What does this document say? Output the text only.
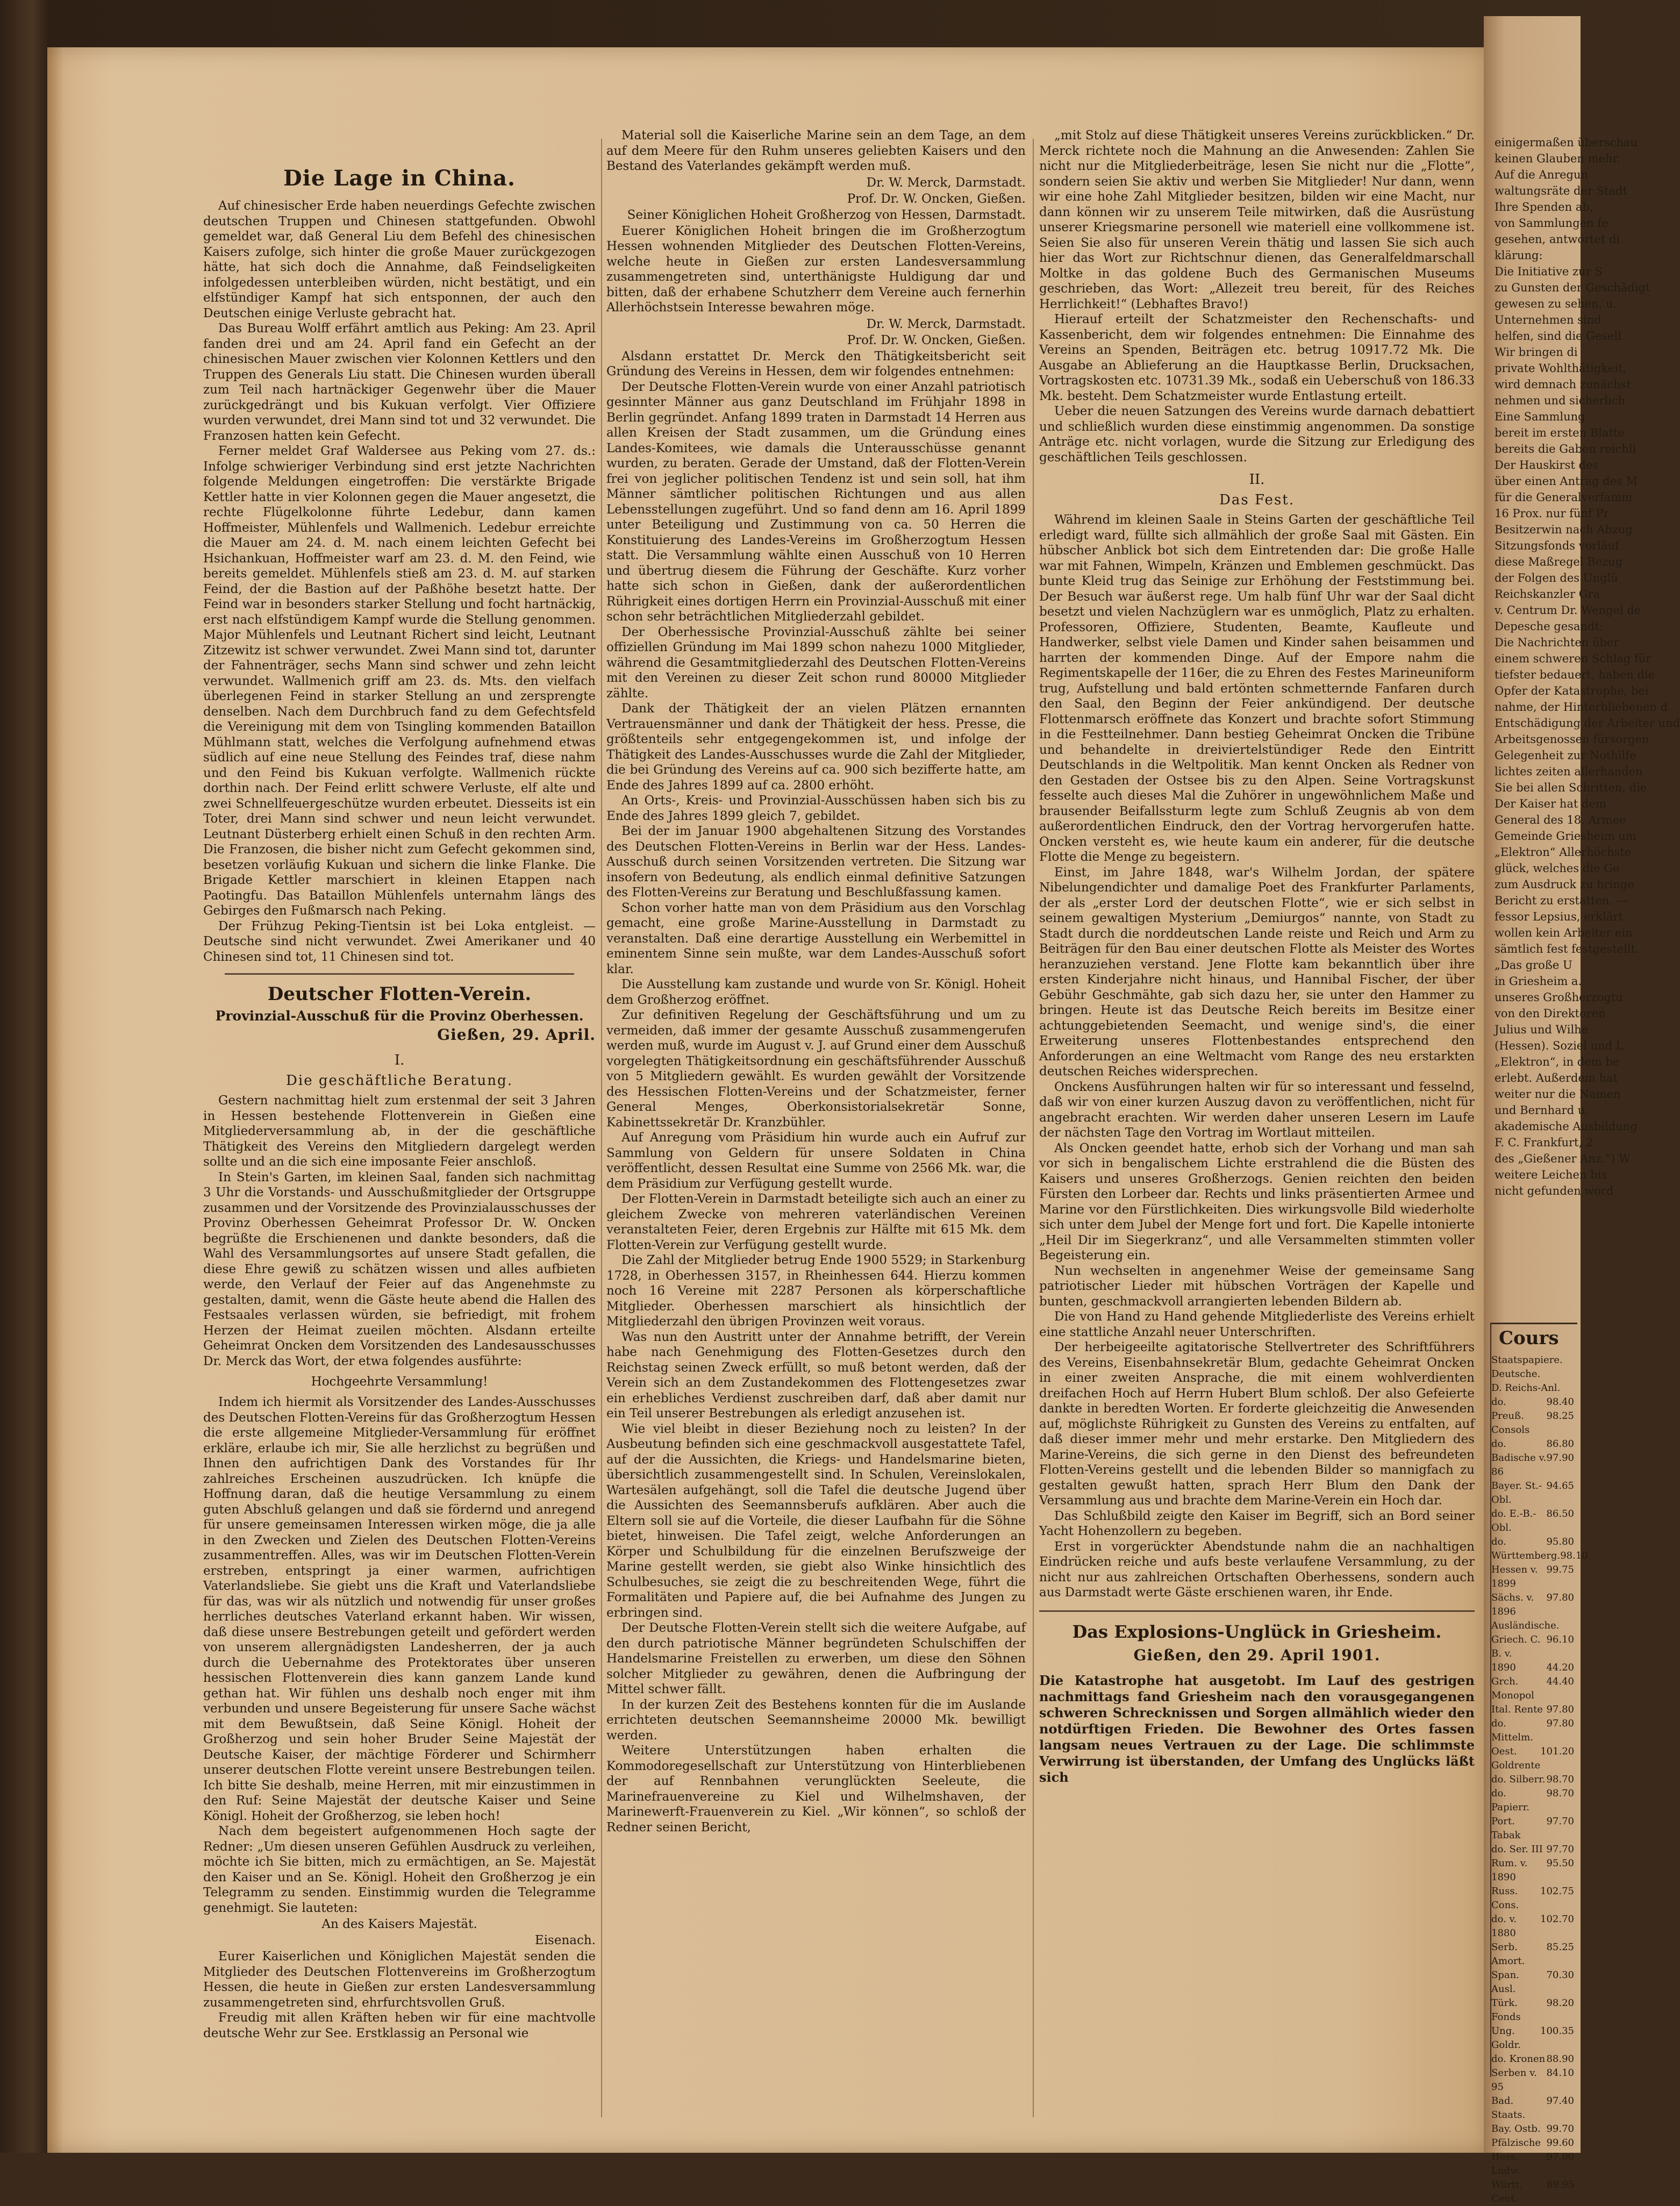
Die Lage in China.

Auf chinesischer Erde haben neuerdings Gefechte zwischen deutschen Truppen und Chinesen stattgefunden. Obwohl gemeldet war, daß General Liu dem Befehl des chinesischen Kaisers zufolge, sich hinter die große Mauer zurückgezogen hätte, hat sich doch die Annahme, daß Feindseligkeiten infolgedessen unterbleiben würden, nicht bestätigt, und ein elfstündiger Kampf hat sich entsponnen, der auch den Deutschen einige Verluste gebracht hat.

Das Bureau Wolff erfährt amtlich aus Peking: Am 23. April fanden drei und am 24. April fand ein Gefecht an der chinesischen Mauer zwischen vier Kolonnen Kettlers und den Truppen des Generals Liu statt. Die Chinesen wurden überall zum Teil nach hartnäckiger Gegenwehr über die Mauer zurückgedrängt und bis Kukuan verfolgt. Vier Offiziere wurden verwundet, drei Mann sind tot und 32 verwundet. Die Franzosen hatten kein Gefecht.

Ferner meldet Graf Waldersee aus Peking vom 27. ds.: Infolge schwieriger Verbindung sind erst jetzte Nachrichten folgende Meldungen eingetroffen: Die verstärkte Brigade Kettler hatte in vier Kolonnen gegen die Mauer angesetzt, die rechte Flügelkolonne führte Ledebur, dann kamen Hoffmeister, Mühlenfels und Wallmenich. Ledebur erreichte die Mauer am 24. d. M. nach einem leichten Gefecht bei Hsichankuan, Hoffmeister warf am 23. d. M. den Feind, wie bereits gemeldet. Mühlenfels stieß am 23. d. M. auf starken Feind, der die Bastion auf der Paßhöhe besetzt hatte. Der Feind war in besonders starker Stellung und focht hartnäckig, erst nach elfstündigem Kampf wurde die Stellung genommen. Major Mühlenfels und Leutnant Richert sind leicht, Leutnant Zitzewitz ist schwer verwundet. Zwei Mann sind tot, darunter der Fahnenträger, sechs Mann sind schwer und zehn leicht verwundet. Wallmenich griff am 23. ds. Mts. den vielfach überlegenen Feind in starker Stellung an und zersprengte denselben. Nach dem Durchbruch fand zu dem Gefechtsfeld die Vereinigung mit dem von Tsingling kommenden Bataillon Mühlmann statt, welches die Verfolgung aufnehmend etwas südlich auf eine neue Stellung des Feindes traf, diese nahm und den Feind bis Kukuan verfolgte. Wallmenich rückte dorthin nach. Der Feind erlitt schwere Verluste, elf alte und zwei Schnellfeuergeschütze wurden erbeutet. Diesseits ist ein Toter, drei Mann sind schwer und neun leicht verwundet. Leutnant Düsterberg erhielt einen Schuß in den rechten Arm. Die Franzosen, die bisher nicht zum Gefecht gekommen sind, besetzen vorläufig Kukuan und sichern die linke Flanke. Die Brigade Kettler marschiert in kleinen Etappen nach Paotingfu. Das Bataillon Mühlenfels unternahm längs des Gebirges den Fußmarsch nach Peking.

Der Frühzug Peking-Tientsin ist bei Loka entgleist. — Deutsche sind nicht verwundet. Zwei Amerikaner und 40 Chinesen sind tot, 11 Chinesen sind tot.

Deutscher Flotten-Verein.
Provinzial-Ausschuß für die Provinz Oberhessen.
Gießen, 29. April.
I.
Die geschäftliche Beratung.

Gestern nachmittag hielt zum erstenmal der seit 3 Jahren in Hessen bestehende Flottenverein in Gießen eine Mitgliederversammlung ab, in der die geschäftliche Thätigkeit des Vereins den Mitgliedern dargelegt werden sollte und an die sich eine imposante Feier anschloß.

In Stein's Garten, im kleinen Saal, fanden sich nachmittag 3 Uhr die Vorstands- und Ausschußmitglieder der Ortsgruppe zusammen und der Vorsitzende des Provinzialausschusses der Provinz Oberhessen Geheimrat Professor Dr. W. Oncken begrüßte die Erschienenen und dankte besonders, daß die Wahl des Versammlungsortes auf unsere Stadt gefallen, die diese Ehre gewiß zu schätzen wissen und alles aufbieten werde, den Verlauf der Feier auf das Angenehmste zu gestalten, damit, wenn die Gäste heute abend die Hallen des Festsaales verlassen würden, sie befriedigt, mit frohem Herzen der Heimat zueilen möchten. Alsdann erteilte Geheimrat Oncken dem Vorsitzenden des Landesausschusses Dr. Merck das Wort, der etwa folgendes ausführte:

Hochgeehrte Versammlung!

Indem ich hiermit als Vorsitzender des Landes-Ausschusses des Deutschen Flotten-Vereins für das Großherzogtum Hessen die erste allgemeine Mitglieder-Versammlung für eröffnet erkläre, erlaube ich mir, Sie alle herzlichst zu begrüßen und Ihnen den aufrichtigen Dank des Vorstandes für Ihr zahlreiches Erscheinen auszudrücken. Ich knüpfe die Hoffnung daran, daß die heutige Versammlung zu einem guten Abschluß gelangen und daß sie fördernd und anregend für unsere gemeinsamen Interessen wirken möge, die ja alle in den Zwecken und Zielen des Deutschen Flotten-Vereins zusammentreffen. Alles, was wir im Deutschen Flotten-Verein erstreben, entspringt ja einer warmen, aufrichtigen Vaterlandsliebe. Sie giebt uns die Kraft und Vaterlandsliebe für das, was wir als nützlich und notwendig für unser großes herrliches deutsches Vaterland erkannt haben. Wir wissen, daß diese unsere Bestrebungen geteilt und gefördert werden von unserem allergnädigsten Landesherren, der ja auch durch die Uebernahme des Protektorates über unseren hessischen Flottenverein dies kann ganzem Lande kund gethan hat. Wir fühlen uns deshalb noch enger mit ihm verbunden und unsere Begeisterung für unsere Sache wächst mit dem Bewußtsein, daß Seine Königl. Hoheit der Großherzog und sein hoher Bruder Seine Majestät der Deutsche Kaiser, der mächtige Förderer und Schirmherr unserer deutschen Flotte vereint unsere Bestrebungen teilen. Ich bitte Sie deshalb, meine Herren, mit mir einzustimmen in den Ruf: Seine Majestät der deutsche Kaiser und Seine Königl. Hoheit der Großherzog, sie leben hoch!

Nach dem begeistert aufgenommenen Hoch sagte der Redner: „Um diesen unseren Gefühlen Ausdruck zu verleihen, möchte ich Sie bitten, mich zu ermächtigen, an Se. Majestät den Kaiser und an Se. Königl. Hoheit den Großherzog je ein Telegramm zu senden. Einstimmig wurden die Telegramme genehmigt. Sie lauteten:

An des Kaisers Majestät.

Eisenach.

Eurer Kaiserlichen und Königlichen Majestät senden die Mitglieder des Deutschen Flottenvereins im Großherzogtum Hessen, die heute in Gießen zur ersten Landesversammlung zusammengetreten sind, ehrfurchtsvollen Gruß.

Freudig mit allen Kräften heben wir für eine machtvolle deutsche Wehr zur See. Erstklassig an Personal wie

Material soll die Kaiserliche Marine sein an dem Tage, an dem auf dem Meere für den Ruhm unseres geliebten Kaisers und den Bestand des Vaterlandes gekämpft werden muß.

Dr. W. Merck, Darmstadt.

Prof. Dr. W. Oncken, Gießen.

Seiner Königlichen Hoheit Großherzog von Hessen, Darmstadt.

Euerer Königlichen Hoheit bringen die im Großherzogtum Hessen wohnenden Mitglieder des Deutschen Flotten-Vereins, welche heute in Gießen zur ersten Landesversammlung zusammengetreten sind, unterthänigste Huldigung dar und bitten, daß der erhabene Schutzherr dem Vereine auch fernerhin Allerhöchstsein Interesse bewahren möge.

Dr. W. Merck, Darmstadt.

Prof. Dr. W. Oncken, Gießen.

Alsdann erstattet Dr. Merck den Thätigkeitsbericht seit Gründung des Vereins in Hessen, dem wir folgendes entnehmen:

Der Deutsche Flotten-Verein wurde von einer Anzahl patriotisch gesinnter Männer aus ganz Deutschland im Frühjahr 1898 in Berlin gegründet. Anfang 1899 traten in Darmstadt 14 Herren aus allen Kreisen der Stadt zusammen, um die Gründung eines Landes-Komitees, wie damals die Unterausschüsse genannt wurden, zu beraten. Gerade der Umstand, daß der Flotten-Verein frei von jeglicher politischen Tendenz ist und sein soll, hat ihm Männer sämtlicher politischen Richtungen und aus allen Lebensstellungen zugeführt. Und so fand denn am 16. April 1899 unter Beteiligung und Zustimmung von ca. 50 Herren die Konstituierung des Landes-Vereins im Großherzogtum Hessen statt. Die Versammlung wählte einen Ausschuß von 10 Herren und übertrug diesem die Führung der Geschäfte. Kurz vorher hatte sich schon in Gießen, dank der außerordentlichen Rührigkeit eines dortigen Herrn ein Provinzial-Ausschuß mit einer schon sehr beträchtlichen Mitgliederzahl gebildet.

Der Oberhessische Provinzial-Ausschuß zählte bei seiner offiziellen Gründung im Mai 1899 schon nahezu 1000 Mitglieder, während die Gesamtmitgliederzahl des Deutschen Flotten-Vereins mit den Vereinen zu dieser Zeit schon rund 80000 Mitglieder zählte.

Dank der Thätigkeit der an vielen Plätzen ernannten Vertrauensmänner und dank der Thätigkeit der hess. Presse, die größtenteils sehr entgegengekommen ist, und infolge der Thätigkeit des Landes-Ausschusses wurde die Zahl der Mitglieder, die bei Gründung des Vereins auf ca. 900 sich bezifferte hatte, am Ende des Jahres 1899 auf ca. 2800 erhöht.

An Orts-, Kreis- und Provinzial-Ausschüssen haben sich bis zu Ende des Jahres 1899 gleich 7, gebildet.

Bei der im Januar 1900 abgehaltenen Sitzung des Vorstandes des Deutschen Flotten-Vereins in Berlin war der Hess. Landes-Ausschuß durch seinen Vorsitzenden vertreten. Die Sitzung war insofern von Bedeutung, als endlich einmal definitive Satzungen des Flotten-Vereins zur Beratung und Beschlußfassung kamen.

Schon vorher hatte man von dem Präsidium aus den Vorschlag gemacht, eine große Marine-Ausstellung in Darmstadt zu veranstalten. Daß eine derartige Ausstellung ein Werbemittel in eminentem Sinne sein mußte, war dem Landes-Ausschuß sofort klar.

Die Ausstellung kam zustande und wurde von Sr. Königl. Hoheit dem Großherzog eröffnet.

Zur definitiven Regelung der Geschäftsführung und um zu vermeiden, daß immer der gesamte Ausschuß zusammengerufen werden muß, wurde im August v. J. auf Grund einer dem Ausschuß vorgelegten Thätigkeitsordnung ein geschäftsführender Ausschuß von 5 Mitgliedern gewählt. Es wurden gewählt der Vorsitzende des Hessischen Flotten-Vereins und der Schatzmeister, ferner General Menges, Oberkonsistorialsekretär Sonne, Kabinettssekretär Dr. Kranzbühler.

Auf Anregung vom Präsidium hin wurde auch ein Aufruf zur Sammlung von Geldern für unsere Soldaten in China veröffentlicht, dessen Resultat eine Summe von 2566 Mk. war, die dem Präsidium zur Verfügung gestellt wurde.

Der Flotten-Verein in Darmstadt beteiligte sich auch an einer zu gleichem Zwecke von mehreren vaterländischen Vereinen veranstalteten Feier, deren Ergebnis zur Hälfte mit 615 Mk. dem Flotten-Verein zur Verfügung gestellt wurde.

Die Zahl der Mitglieder betrug Ende 1900 5529; in Starkenburg 1728, in Oberhessen 3157, in Rheinhessen 644. Hierzu kommen noch 16 Vereine mit 2287 Personen als körperschaftliche Mitglieder. Oberhessen marschiert als hinsichtlich der Mitgliederzahl den übrigen Provinzen weit voraus.

Was nun den Austritt unter der Annahme betrifft, der Verein habe nach Genehmigung des Flotten-Gesetzes durch den Reichstag seinen Zweck erfüllt, so muß betont werden, daß der Verein sich an dem Zustandekommen des Flottengesetzes zwar ein erhebliches Verdienst zuschreiben darf, daß aber damit nur ein Teil unserer Bestrebungen als erledigt anzusehen ist.

Wie viel bleibt in dieser Beziehung noch zu leisten? In der Ausbeutung befinden sich eine geschmackvoll ausgestattete Tafel, auf der die Aussichten, die Kriegs- und Handelsmarine bieten, übersichtlich zusammengestellt sind. In Schulen, Vereinslokalen, Wartesälen aufgehängt, soll die Tafel die deutsche Jugend über die Aussichten des Seemannsberufs aufklären. Aber auch die Eltern soll sie auf die Vorteile, die dieser Laufbahn für die Söhne bietet, hinweisen. Die Tafel zeigt, welche Anforderungen an Körper und Schulbildung für die einzelnen Berufszweige der Marine gestellt werden, sie giebt also Winke hinsichtlich des Schulbesuches, sie zeigt die zu beschreitenden Wege, führt die Formalitäten und Papiere auf, die bei Aufnahme des Jungen zu erbringen sind.

Der Deutsche Flotten-Verein stellt sich die weitere Aufgabe, auf den durch patriotische Männer begründeten Schulschiffen der Handelsmarine Freistellen zu erwerben, um diese den Söhnen solcher Mitglieder zu gewähren, denen die Aufbringung der Mittel schwer fällt.

In der kurzen Zeit des Bestehens konnten für die im Auslande errichteten deutschen Seemannsheime 20000 Mk. bewilligt werden.

Weitere Unterstützungen haben erhalten die Kommodoregesellschaft zur Unterstützung von Hinterbliebenen der auf Rennbahnen verunglückten Seeleute, die Marinefrauenvereine zu Kiel und Wilhelmshaven, der Marinewerft-Frauenverein zu Kiel. „Wir können“, so schloß der Redner seinen Bericht,

„mit Stolz auf diese Thätigkeit unseres Vereins zurückblicken.“ Dr. Merck richtete noch die Mahnung an die Anwesenden: Zahlen Sie nicht nur die Mitgliederbeiträge, lesen Sie nicht nur die „Flotte“, sondern seien Sie aktiv und werben Sie Mitglieder! Nur dann, wenn wir eine hohe Zahl Mitglieder besitzen, bilden wir eine Macht, nur dann können wir zu unserem Teile mitwirken, daß die Ausrüstung unserer Kriegsmarine personell wie materiell eine vollkommene ist. Seien Sie also für unseren Verein thätig und lassen Sie sich auch hier das Wort zur Richtschnur dienen, das Generalfeldmarschall Moltke in das goldene Buch des Germanischen Museums geschrieben, das Wort: „Allezeit treu bereit, für des Reiches Herrlichkeit!“ (Lebhaftes Bravo!)

Hierauf erteilt der Schatzmeister den Rechenschafts- und Kassenbericht, dem wir folgendes entnehmen: Die Einnahme des Vereins an Spenden, Beiträgen etc. betrug 10917.72 Mk. Die Ausgabe an Ablieferung an die Hauptkasse Berlin, Drucksachen, Vortragskosten etc. 10731.39 Mk., sodaß ein Ueberschuß von 186.33 Mk. besteht. Dem Schatzmeister wurde Entlastung erteilt.

Ueber die neuen Satzungen des Vereins wurde darnach debattiert und schließlich wurden diese einstimmig angenommen. Da sonstige Anträge etc. nicht vorlagen, wurde die Sitzung zur Erledigung des geschäftlichen Teils geschlossen.

II.
Das Fest.

Während im kleinen Saale in Steins Garten der geschäftliche Teil erledigt ward, füllte sich allmählich der große Saal mit Gästen. Ein hübscher Anblick bot sich dem Eintretenden dar: Die große Halle war mit Fahnen, Wimpeln, Kränzen und Emblemen geschmückt. Das bunte Kleid trug das Seinige zur Erhöhung der Feststimmung bei. Der Besuch war äußerst rege. Um halb fünf Uhr war der Saal dicht besetzt und vielen Nachzüglern war es unmöglich, Platz zu erhalten. Professoren, Offiziere, Studenten, Beamte, Kaufleute und Handwerker, selbst viele Damen und Kinder sahen beisammen und harrten der kommenden Dinge. Auf der Empore nahm die Regimentskapelle der 116er, die zu Ehren des Festes Marineuniform trug, Aufstellung und bald ertönten schmetternde Fanfaren durch den Saal, den Beginn der Feier ankündigend. Der deutsche Flottenmarsch eröffnete das Konzert und brachte sofort Stimmung in die Festteilnehmer. Dann bestieg Geheimrat Oncken die Tribüne und behandelte in dreiviertelstündiger Rede den Eintritt Deutschlands in die Weltpolitik. Man kennt Oncken als Redner von den Gestaden der Ostsee bis zu den Alpen. Seine Vortragskunst fesselte auch dieses Mal die Zuhörer in ungewöhnlichem Maße und brausender Beifallssturm legte zum Schluß Zeugnis ab von dem außerordentlichen Eindruck, den der Vortrag hervorgerufen hatte. Oncken versteht es, wie heute kaum ein anderer, für die deutsche Flotte die Menge zu begeistern.

Einst, im Jahre 1848, war's Wilhelm Jordan, der spätere Nibelungendichter und damalige Poet des Frankfurter Parlaments, der als „erster Lord der deutschen Flotte“, wie er sich selbst in seinem gewaltigen Mysterium „Demiurgos“ nannte, von Stadt zu Stadt durch die norddeutschen Lande reiste und Reich und Arm zu Beiträgen für den Bau einer deutschen Flotte als Meister des Wortes heranzuziehen verstand. Jene Flotte kam bekanntlich über ihre ersten Kinderjahre nicht hinaus, und Hannibal Fischer, der über Gebühr Geschmähte, gab sich dazu her, sie unter den Hammer zu bringen. Heute ist das Deutsche Reich bereits im Besitze einer achtunggebietenden Seemacht, und wenige sind's, die einer Erweiterung unseres Flottenbestandes entsprechend den Anforderungen an eine Weltmacht vom Range des neu erstarkten deutschen Reiches widersprechen.

Onckens Ausführungen halten wir für so interessant und fesselnd, daß wir von einer kurzen Auszug davon zu veröffentlichen, nicht für angebracht erachten. Wir werden daher unseren Lesern im Laufe der nächsten Tage den Vortrag im Wortlaut mitteilen.

Als Oncken geendet hatte, erhob sich der Vorhang und man sah vor sich in bengalischem Lichte erstrahlend die die Büsten des Kaisers und unseres Großherzogs. Genien reichten den beiden Fürsten den Lorbeer dar. Rechts und links präsentierten Armee und Marine vor den Fürstlichkeiten. Dies wirkungsvolle Bild wiederholte sich unter dem Jubel der Menge fort und fort. Die Kapelle intonierte „Heil Dir im Siegerkranz“, und alle Versammelten stimmten voller Begeisterung ein.

Nun wechselten in angenehmer Weise der gemeinsame Sang patriotischer Lieder mit hübschen Vorträgen der Kapelle und bunten, geschmackvoll arrangierten lebenden Bildern ab.

Die von Hand zu Hand gehende Mitgliederliste des Vereins erhielt eine stattliche Anzahl neuer Unterschriften.

Der herbeigeeilte agitatorische Stellvertreter des Schriftführers des Vereins, Eisenbahnsekretär Blum, gedachte Geheimrat Oncken in einer zweiten Ansprache, die mit einem wohlverdienten dreifachen Hoch auf Herrn Hubert Blum schloß. Der also Gefeierte dankte in beredten Worten. Er forderte gleichzeitig die Anwesenden auf, möglichste Rührigkeit zu Gunsten des Vereins zu entfalten, auf daß dieser immer mehr und mehr erstarke. Den Mitgliedern des Marine-Vereins, die sich gerne in den Dienst des befreundeten Flotten-Vereins gestellt und die lebenden Bilder so mannigfach zu gestalten gewußt hatten, sprach Herr Blum den Dank der Versammlung aus und brachte dem Marine-Verein ein Hoch dar.

Das Schlußbild zeigte den Kaiser im Begriff, sich an Bord seiner Yacht Hohenzollern zu begeben.

Erst in vorgerückter Abendstunde nahm die an nachhaltigen Eindrücken reiche und aufs beste verlaufene Versammlung, zu der nicht nur aus zahlreichen Ortschaften Oberhessens, sondern auch aus Darmstadt werte Gäste erschienen waren, ihr Ende.

Das Explosions-Unglück in Griesheim.
Gießen, den 29. April 1901.

Die Katastrophe hat ausgetobt. Im Lauf des gestrigen nachmittags fand Griesheim nach den vorausgegangenen schweren Schrecknissen und Sorgen allmählich wieder den notdürftigen Frieden. Die Bewohner des Ortes fassen langsam neues Vertrauen zu der Lage. Die schlimmste Verwirrung ist überstanden, der Umfang des Unglücks läßt sich

einigermaßen überschau

keinen Glauben mehr.

Auf die Anregun

waltungsräte der Stadt

Ihre Spenden ab,

von Sammlungen fe

gesehen, antwortet di

klärung:

Die Initiative zur S

zu Gunsten der Geschädigt

gewesen zu sehen, u.

Unternehmen sind

helfen, sind die Gesell

Wir bringen di

private Wohlthätigkeit,

wird demnach zunächst

nehmen und sicherlich

Eine Sammlung

bereit im ersten Blatte

bereits die Gaben reichli

Der Hauskirst des

über einen Antrag des M

für die Generalverfamm

16 Prox. nur fünf Pr

Besitzerwin nach Abzug

Sitzungsfonds vorläuf

diese Maßregel Bezug

der Folgen des Unglü

Reichskanzler Gra

v. Centrum Dr. Wengel de

Depesche gesandt:

Die Nachrichten über

einem schweren Schlag für

tiefster bedauert, haben die

Opfer der Katastrophe, bei

nahme, der Hinterbliebenen d

Entschädigung der Arbeiter und

Arbeitsgenossen fürsorgen

Gelegenheit zur Nothilfe

lichtes zeiten allerhanden

Sie bei allen Schritten, die

Der Kaiser hat dem

General des 18. Armee

Gemeinde Griesheim um

„Elektron“ Allerhöchste

glück, welches die Ge

zum Ausdruck zu bringe

Bericht zu erstatten. —

fessor Lepsius, erklärt

wollen kein Arbeiter ein

sämtlich fest festgestellt.

„Das große U

in Griesheim a.

unseres Großherzogtu

von den Direktoren

Julius und Wilhe

(Hessen). Soziel und L

„Elektron“, in dem be

erlebt. Außerdem hat

weiter nur die Namen

und Bernhard u.

akademische Ausbildung

F. C. Frankfurt, 2

des „Gießener Anz.“) W

weitere Leichen bis

nicht gefunden word

Cours
Staatspapiere.
Deutsche.
D. Reichs-Anl.
do.	98.40
Preuß. Consols
98.25
do.	86.80
Badische v. 86
97.90
Bayer. St.-Obl.
94.65
do. E.-B.-Obl.
86.50
do.	95.80
Württemberg. 98.10
Hessen v. 1899
99.75
Sächs. v. 1896
97.80
Ausländische.
Griech. C. B. v.
96.10
1890	44.20
Grch. Monopol
44.40
Ital. Rente 97.80
do. Mittelm.
97.80
Oest. Goldrente
101.20
do. Silberr. 98.70
do. Papierr.
98.70
Port. Tabak
97.70
do. Ser. III 97.70
Rum. v. 1890
95.50
Russ. Cons.
102.75
do. v. 1880
102.70
Serb. Amort.
85.25
Span. Ausl.
70.30
Türk. Fonds
98.20
Ung. Goldr.
100.35
do. Kronen 88.90
Serben v. 95
84.10
Bad. Staats.
97.40
Bay. Ostb. 99.70
Pfälzische 99.60
Hess. Ludw.
97.00
Württ. Cent.
89.95
